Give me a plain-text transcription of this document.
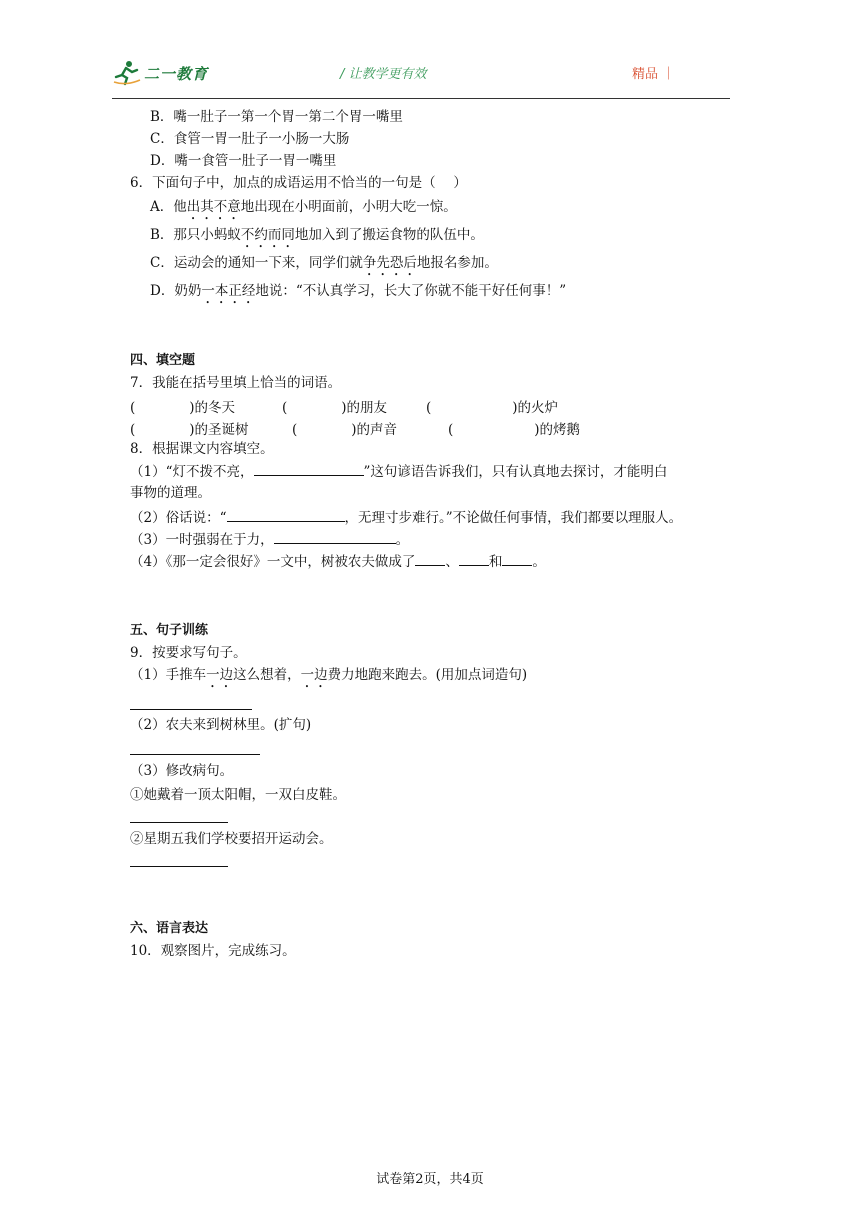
二一教育	/ 让教学更有效	精品 ｜
B．嘴一肚子一第一个胃一第二个胃一嘴里
C．食管一胃一肚子一小肠一大肠
D．嘴一食管一肚子一胃一嘴里
6．下面句子中，加点的成语运用不恰当的一句是（　 ）
A．他出其不意地出现在小明面前，小明大吃一惊。
B．那只小蚂蚁不约而同地加入到了搬运食物的队伍中。
C．运动会的通知一下来，同学们就争先恐后地报名参加。
D．奶奶一本正经地说：“不认真学习，长大了你就不能干好任何事！”
四、填空题
7．我能在括号里填上恰当的词语。
(　　　　)的冬天	(　　　　)的朋友	(　　　　　　)的火炉
(　　　　)的圣诞树	(　　　　)的声音	(　　　　　　)的烤鹅
8．根据课文内容填空。
（1）“灯不拨不亮，	”这句谚语告诉我们，只有认真地去探讨，才能明白
事物的道理。
（2）俗话说：“	，无理寸步难行。”不论做任何事情，我们都要以理服人。
（3）一时强弱在于力，	。
（4）《那一定会很好》一文中，树被农夫做成了 、 和 。
五、句子训练
9．按要求写句子。
（1）手推车一边这么想着，一边费力地跑来跑去。(用加点词造句)
（2）农夫来到树林里。(扩句)
（3）修改病句。
①她戴着一顶太阳帽，一双白皮鞋。
②星期五我们学校要招开运动会。
六、语言表达
10．观察图片，完成练习。
试卷第2页，共4页
